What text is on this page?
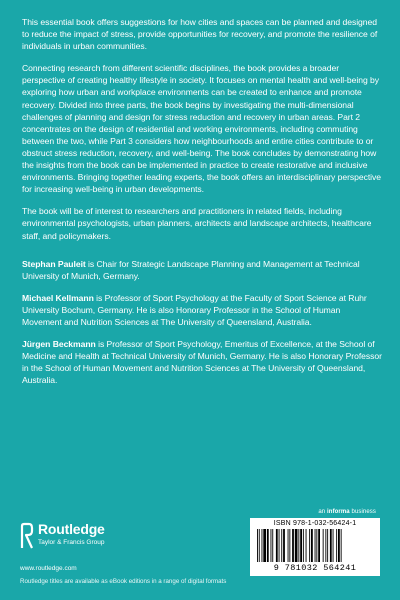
This essential book offers suggestions for how cities and spaces can be planned and designed to reduce the impact of stress, provide opportunities for recovery, and promote the resilience of individuals in urban communities.

Connecting research from different scientific disciplines, the book provides a broader perspective of creating healthy lifestyle in society. It focuses on mental health and well-being by exploring how urban and workplace environments can be created to enhance and promote recovery. Divided into three parts, the book begins by investigating the multi-dimensional challenges of planning and design for stress reduction and recovery in urban areas. Part 2 concentrates on the design of residential and working environments, including commuting between the two, while Part 3 considers how neighbourhoods and entire cities contribute to or obstruct stress reduction, recovery, and well-being. The book concludes by demonstrating how the insights from the book can be implemented in practice to create restorative and inclusive environments. Bringing together leading experts, the book offers an interdisciplinary perspective for increasing well-being in urban developments.

The book will be of interest to researchers and practitioners in related fields, including environmental psychologists, urban planners, architects and landscape architects, healthcare staff, and policymakers.

Stephan Pauleit is Chair for Strategic Landscape Planning and Management at Technical University of Munich, Germany.
Michael Kellmann is Professor of Sport Psychology at the Faculty of Sport Science at Ruhr University Bochum, Germany. He is also Honorary Professor in the School of Human Movement and Nutrition Sciences at The University of Queensland, Australia.
Jürgen Beckmann is Professor of Sport Psychology, Emeritus of Excellence, at the School of Medicine and Health at Technical University of Munich, Germany. He is also Honorary Professor in the School of Human Movement and Nutrition Sciences at The University of Queensland, Australia.
an informa business
Routledge
Taylor & Francis Group
www.routledge.com
Routledge titles are available as eBook editions in a range of digital formats
ISBN 978-1-032-56424-1
9 781032 564241
